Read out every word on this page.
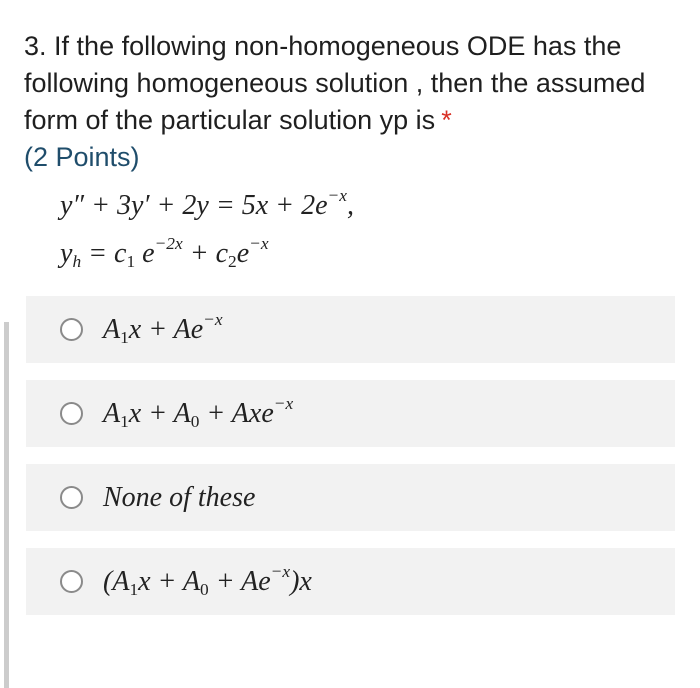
3. If the following non-homogeneous ODE has the following homogeneous solution , then the assumed form of the particular solution yp is *
(2 Points)
$y'' + 3y' + 2y = 5x + 2e^{-x}$,
$y_h = c_1$ $e^{-2x} + c_2e^{-x}$
$A_1x + Ae^{-x}$
$A_1x + A_0 + Axe^{-x}$
None of these
$(A_1x + A_0 + Ae^{-x})x$
